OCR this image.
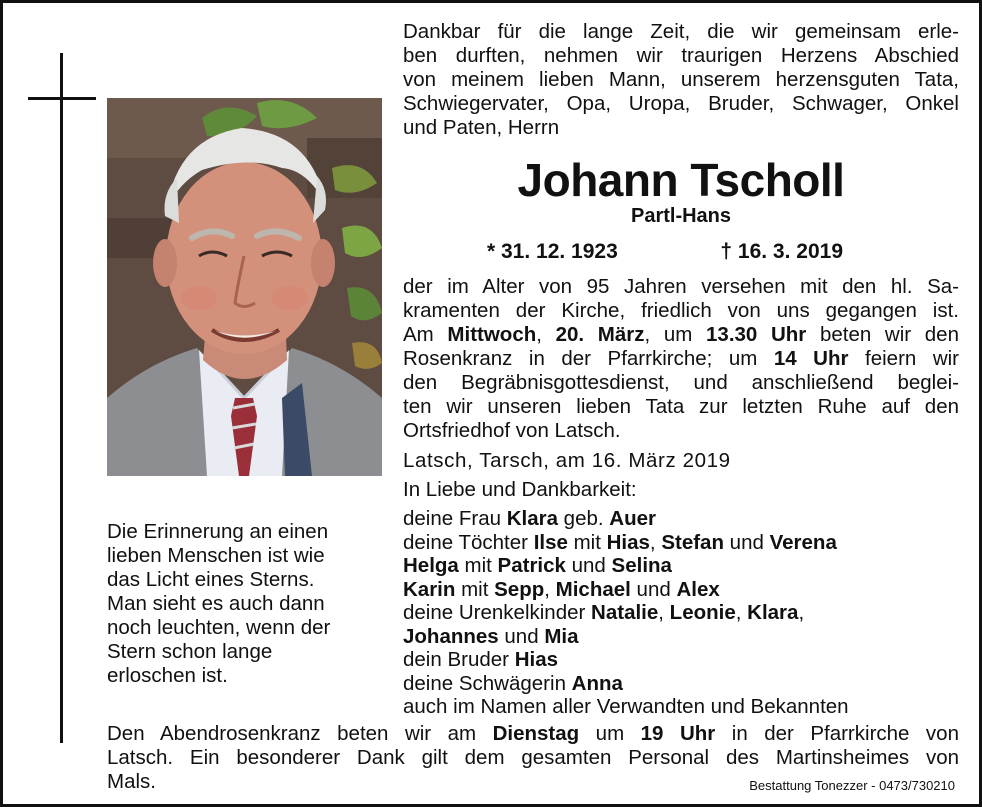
Die Erinnerung an einen
lieben Menschen ist wie
das Licht eines Sterns.
Man sieht es auch dann
noch leuchten, wenn der
Stern schon lange
erloschen ist.
Dankbar für die lange Zeit, die wir gemeinsam erle-
ben durften, nehmen wir traurigen Herzens Abschied
von meinem lieben Mann, unserem herzensguten Tata,
Schwiegervater, Opa, Uropa, Bruder, Schwager, Onkel
und Paten, Herrn
Johann Tscholl
Partl-Hans
* 31. 12. 1923	† 16. 3. 2019
der im Alter von 95 Jahren versehen mit den hl. Sa-
kramenten der Kirche, friedlich von uns gegangen ist.
Am Mittwoch, 20. März, um 13.30 Uhr beten wir den
Rosenkranz in der Pfarrkirche; um 14 Uhr feiern wir
den Begräbnisgottesdienst, und anschließend beglei-
ten wir unseren lieben Tata zur letzten Ruhe auf den
Ortsfriedhof von Latsch.
Latsch, Tarsch, am 16. März 2019
In Liebe und Dankbarkeit:
deine Frau Klara geb. Auer
deine Töchter Ilse mit Hias, Stefan und Verena
Helga mit Patrick und Selina
Karin mit Sepp, Michael und Alex
deine Urenkelkinder Natalie, Leonie, Klara,
Johannes und Mia
dein Bruder Hias
deine Schwägerin Anna
auch im Namen aller Verwandten und Bekannten
Den Abendrosenkranz beten wir am Dienstag um 19 Uhr in der Pfarrkirche von
Latsch. Ein besonderer Dank gilt dem gesamten Personal des Martinsheimes von
Mals.	Bestattung Tonezzer - 0473/730210
